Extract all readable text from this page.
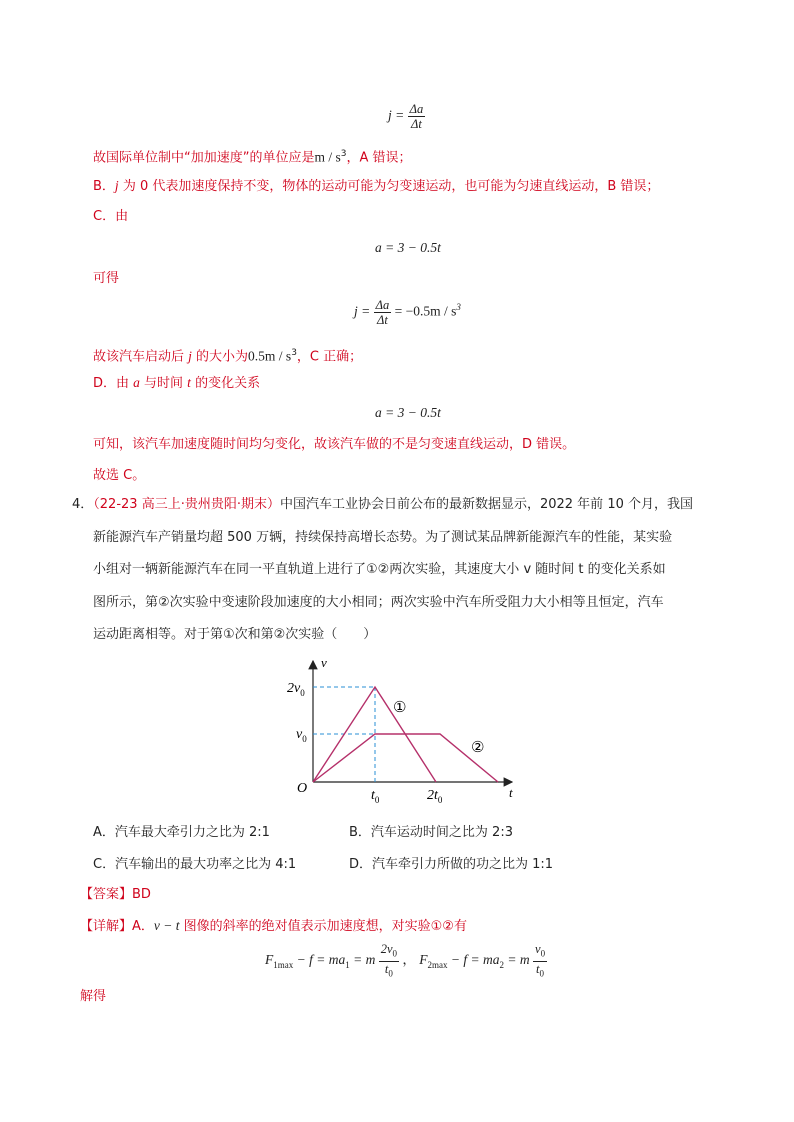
$j = \frac{\Delta a}{\Delta t}$
故国际单位制中“加加速度”的单位应是m / $s^3$，A 错误；
B．j 为 0 代表加速度保持不变，物体的运动可能为匀变速运动，也可能为匀速直线运动，B 错误；
C．由
a = 3 − 0.5t
可得
$j = \frac{\Delta a}{\Delta t} = -0.5m / s^3$
故该汽车启动后 j 的大小为$0.5m / s^3$，C 正确；
D．由 a 与时间 t 的变化关系
a = 3 − 0.5t
可知，该汽车加速度随时间均匀变化，故该汽车做的不是匀变速直线运动，D 错误。
故选 C。
4．（22-23 高三上·贵州贵阳·期末）中国汽车工业协会日前公布的最新数据显示，2022 年前 10 个月，我国
新能源汽车产销量均超 500 万辆，持续保持高增长态势。为了测试某品牌新能源汽车的性能，某实验
小组对一辆新能源汽车在同一平直轨道上进行了①②两次实验，其速度大小 v 随时间 t 的变化关系如
图所示，第②次实验中变速阶段加速度的大小相同；两次实验中汽车所受阻力大小相等且恒定，汽车
运动距离相等。对于第①次和第②次实验（　　）
v
t
O
$2v_0$
$v_0$
$t_0$	$2t_0$
①
②
A．汽车最大牵引力之比为 2:1	B．汽车运动时间之比为 2:3
C．汽车输出的最大功率之比为 4:1	D．汽车牵引力所做的功之比为 1:1
【答案】BD
【详解】A．v − t 图像的斜率的绝对值表示加速度想，对实验①②有
$F_{1max} - f = ma_1 = m \frac{2v_0}{t_0}$ ， $F_{2max} - f = ma_2 = m \frac{v_0}{t_0}$
解得
